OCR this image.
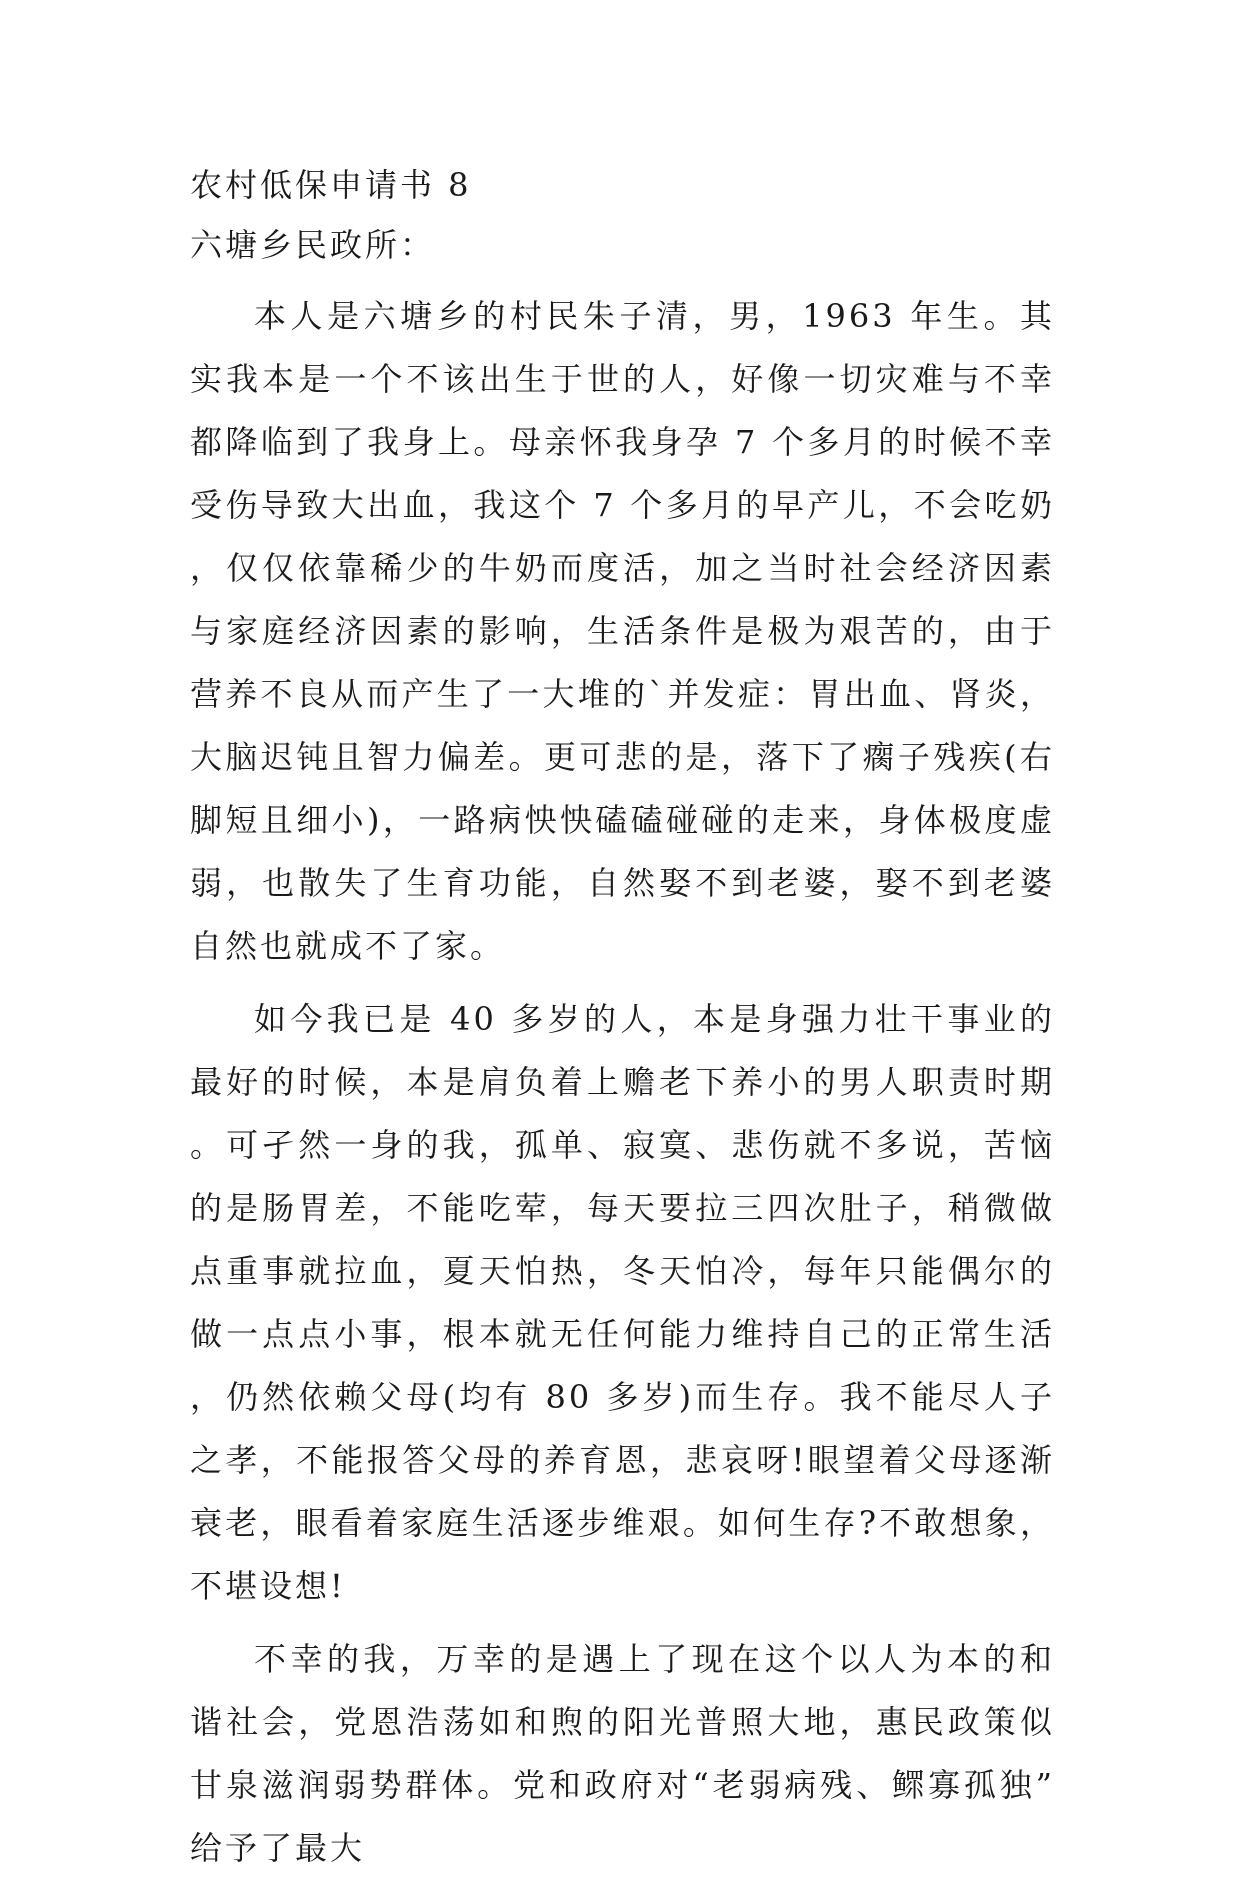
农村低保申请书 8

六塘乡民政所：

本人是六塘乡的村民朱子清，男，1963 年生。其实我本是一个不该出生于世的人，好像一切灾难与不幸都降临到了我身上。母亲怀我身孕 7 个多月的时候不幸受伤导致大出血，我这个 7 个多月的早产儿，不会吃奶，仅仅依靠稀少的牛奶而度活，加之当时社会经济因素与家庭经济因素的影响，生活条件是极为艰苦的，由于营养不良从而产生了一大堆的`并发症：胃出血、肾炎，大脑迟钝且智力偏差。更可悲的是，落下了瘸子残疾(右脚短且细小)，一路病怏怏磕磕碰碰的走来，身体极度虚弱，也散失了生育功能，自然娶不到老婆，娶不到老婆自然也就成不了家。

如今我已是 40 多岁的人，本是身强力壮干事业的最好的时候，本是肩负着上赡老下养小的男人职责时期。可孑然一身的我，孤单、寂寞、悲伤就不多说，苦恼的是肠胃差，不能吃荤，每天要拉三四次肚子，稍微做点重事就拉血，夏天怕热，冬天怕冷，每年只能偶尔的做一点点小事，根本就无任何能力维持自己的正常生活，仍然依赖父母(均有 80 多岁)而生存。我不能尽人子之孝，不能报答父母的养育恩，悲哀呀!眼望着父母逐渐衰老，眼看着家庭生活逐步维艰。如何生存?不敢想象，不堪设想!

不幸的我，万幸的是遇上了现在这个以人为本的和谐社会，党恩浩荡如和煦的阳光普照大地，惠民政策似甘泉滋润弱势群体。党和政府对“老弱病残、鳏寡孤独”给予了最大
